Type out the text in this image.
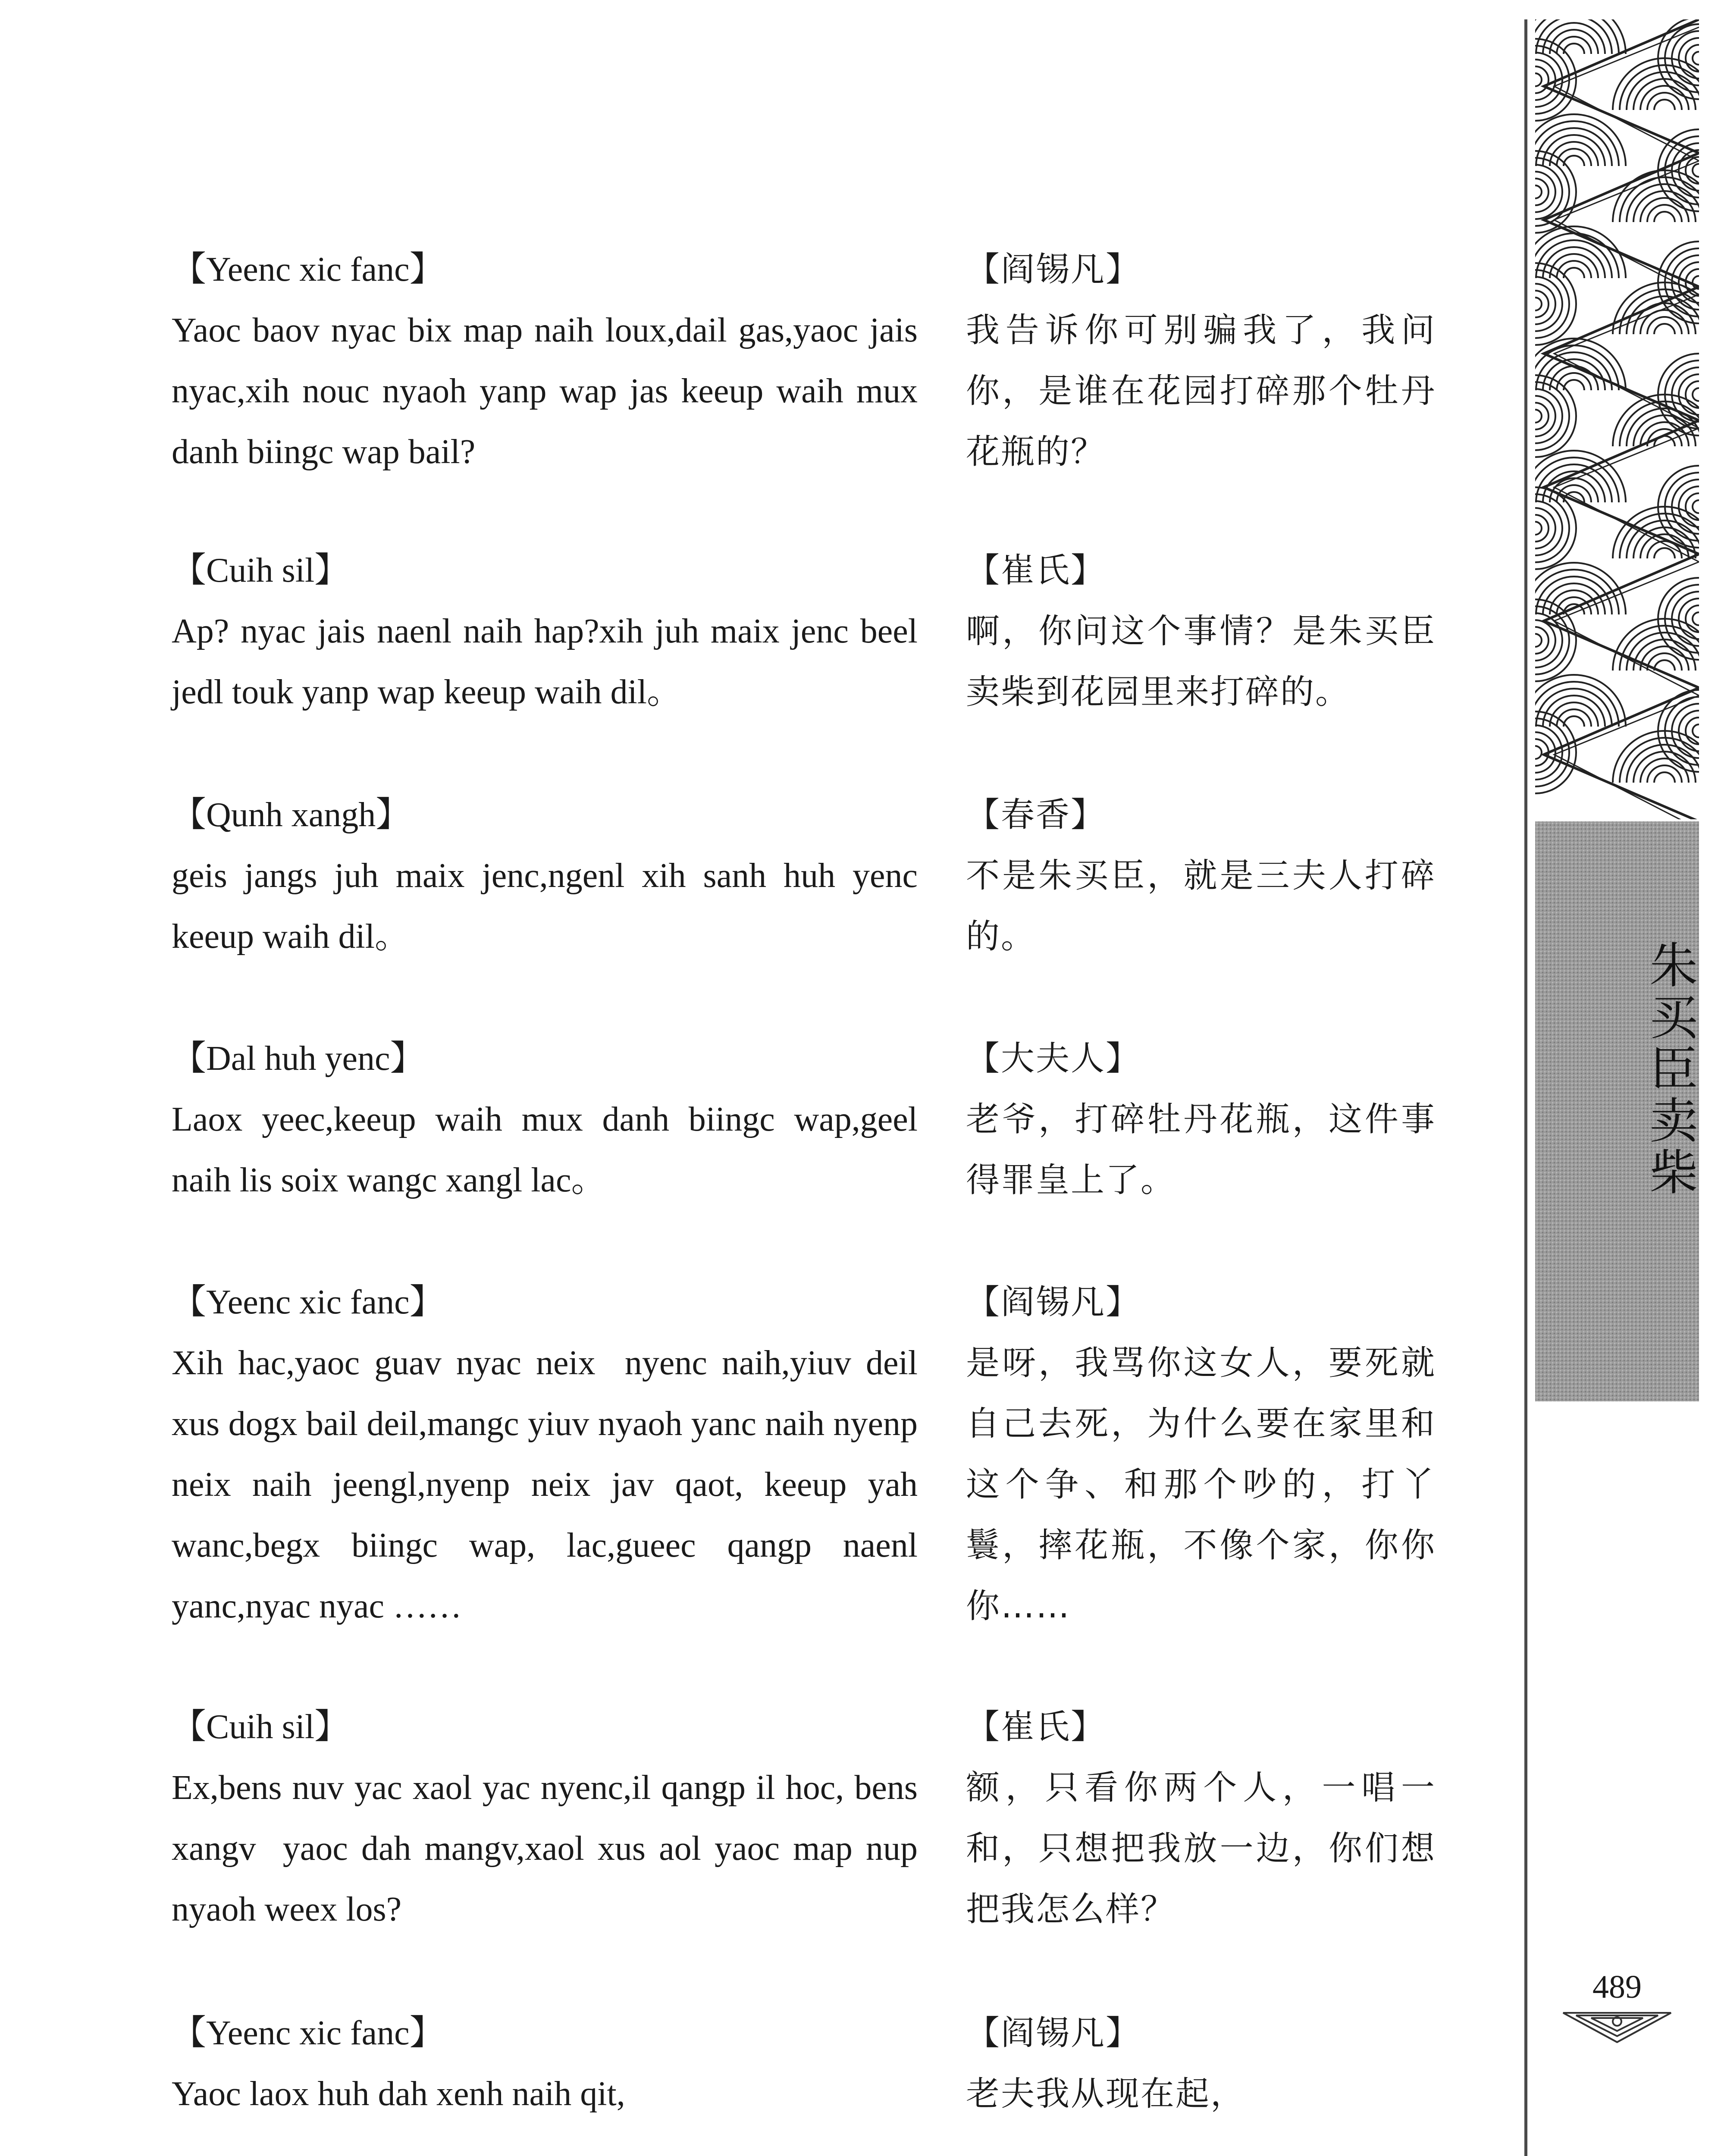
【Yeenc xic fanc】
Yaoc baov nyac bix map naih loux,dail gas,yaoc jais nyac,xih nouc nyaoh yanp wap jas keeup waih mux danh biingc wap bail?
【阎锡凡】
我告诉你可别骗我了，我问你，是谁在花园打碎那个牡丹花瓶的？
【Cuih sil】
Ap? nyac jais naenl naih hap?xih juh maix jenc beel jedl touk yanp wap keeup waih dil。
【崔氏】
啊，你问这个事情？是朱买臣卖柴到花园里来打碎的。
【Qunh xangh】
geis jangs juh maix jenc,ngenl xih sanh huh yenc keeup waih dil。
【春香】
不是朱买臣，就是三夫人打碎的。
【Dal huh yenc】
Laox yeec,keeup waih mux danh biingc wap,geel naih lis soix wangc xangl lac。
【大夫人】
老爷，打碎牡丹花瓶，这件事得罪皇上了。
【Yeenc xic fanc】
Xih hac,yaoc guav nyac neix  nyenc naih,yiuv deil xus dogx bail deil,mangc yiuv nyaoh yanc naih nyenp neix naih jeengl,nyenp neix jav qaot, keeup yah wanc,begx biingc wap, lac,gueec qangp naenl yanc,nyac nyac ……
【阎锡凡】
是呀，我骂你这女人，要死就自己去死，为什么要在家里和这个争、和那个吵的，打丫鬟，摔花瓶，不像个家，你你你……
【Cuih sil】
Ex,bens nuv yac xaol yac nyenc,il qangp il hoc, bens xangv  yaoc dah mangv,xaol xus aol yaoc map nup  nyaoh weex los?
【崔氏】
额，只看你两个人，一唱一和，只想把我放一边，你们想把我怎么样？
【Yeenc xic fanc】
Yaoc laox huh dah xenh naih qit,
【阎锡凡】
老夫我从现在起，
朱买臣卖柴
489
